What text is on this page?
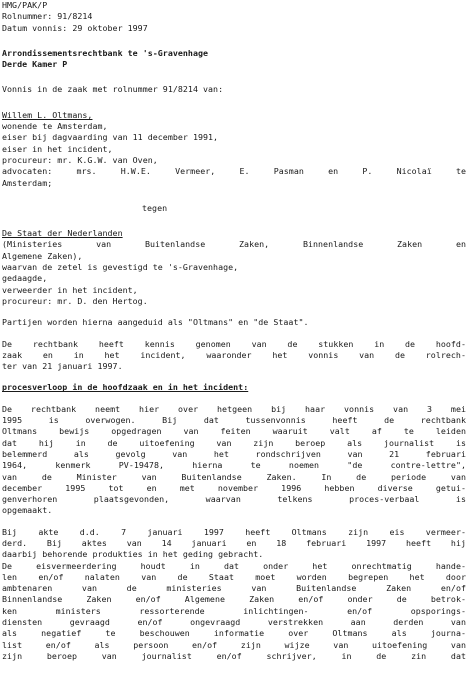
HMG/PAK/P
Rolnummer: 91/8214
Datum vonnis: 29 oktober 1997
Arrondissementsrechtbank te 's-Gravenhage
Derde Kamer P
Vonnis in de zaak met rolnummer 91/8214 van:
Willem L. Oltmans,
wonende te Amsterdam,
eiser bij dagvaarding van 11 december 1991,
eiser in het incident,
procureur: mr. K.G.W. van Oven,
advocaten: mrs. H.W.E. Vermeer, E. Pasman en P. Nicolaï te
Amsterdam;
tegen
De Staat der Nederlanden
(Ministeries van Buitenlandse Zaken, Binnenlandse Zaken en
Algemene Zaken),
waarvan de zetel is gevestigd te 's-Gravenhage,
gedaagde,
verweerder in het incident,
procureur: mr. D. den Hertog.
Partijen worden hierna aangeduid als "Oltmans" en "de Staat".
De rechtbank heeft kennis genomen van de stukken in de hoofd-
zaak en in het incident, waaronder het vonnis van de rolrech-
ter van 21 januari 1997.
procesverloop in de hoofdzaak en in het incident:
De rechtbank neemt hier over hetgeen bij haar vonnis van 3 mei
1995 is overwogen. Bij dat tussenvonnis heeft de rechtbank
Oltmans bewijs opgedragen van feiten waaruit valt af te leiden
dat hij in de uitoefening van zijn beroep als journalist is
belemmerd als gevolg van het rondschrijven van 21 februari
1964, kenmerk PV-19478, hierna te noemen "de contre-lettre",
van de Minister van Buitenlandse Zaken. In de periode van
december 1995 tot en met november 1996 hebben diverse getui-
genverhoren plaatsgevonden, waarvan telkens proces-verbaal is
opgemaakt.
Bij akte d.d. 7 januari 1997 heeft Oltmans zijn eis vermeer-
derd. Bij aktes van 14 januari en 18 februari 1997 heeft hij
daarbij behorende produkties in het geding gebracht.
De eisvermeerdering houdt in dat onder het onrechtmatig hande-
len en/of nalaten van de Staat moet worden begrepen het door
ambtenaren van de ministeries van Buitenlandse Zaken en/of
Binnenlandse Zaken en/of Algemene Zaken en/of onder de betrok-
ken ministers ressorterende inlichtingen- en/of opsporings-
diensten gevraagd en/of ongevraagd verstrekken aan derden van
als negatief te beschouwen informatie over Oltmans als journa-
list en/of als persoon en/of zijn wijze van uitoefening van
zijn beroep van journalist en/of schrijver, in de zin dat
